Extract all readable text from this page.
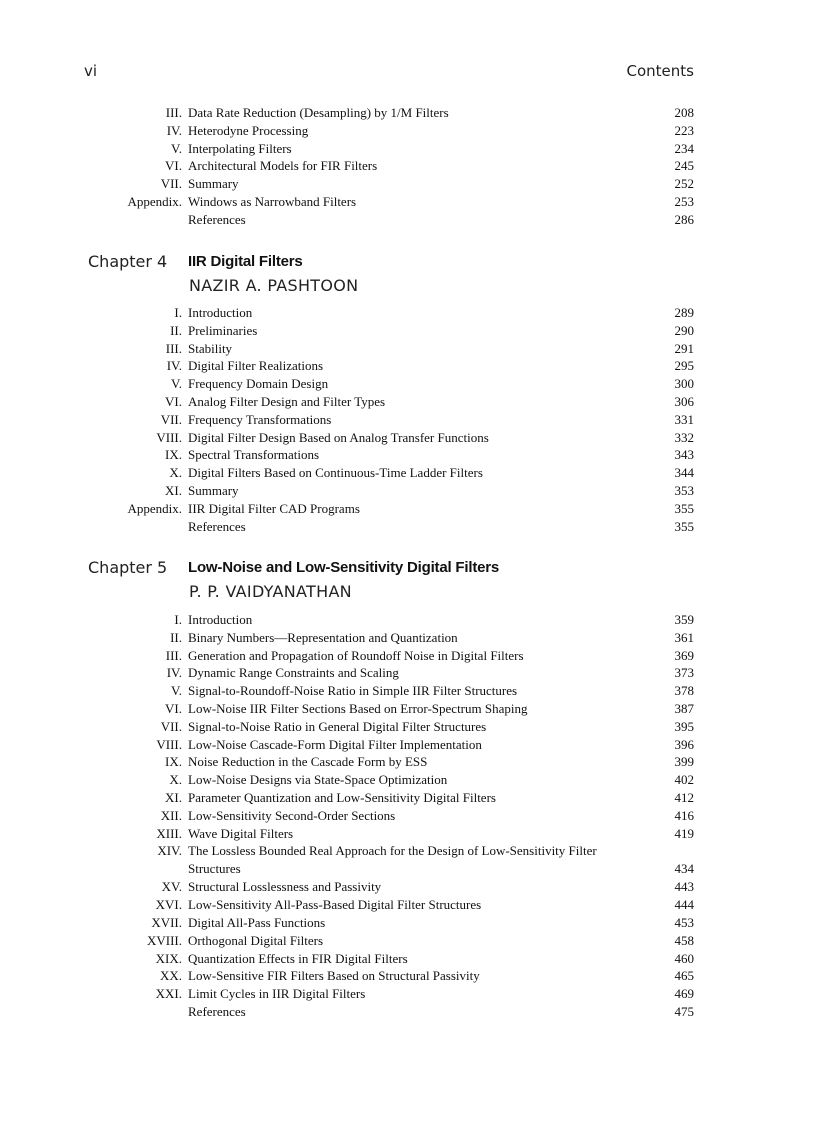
vi	Contents
III. Data Rate Reduction (Desampling) by 1/M Filters	208
IV. Heterodyne Processing	223
V. Interpolating Filters	234
VI. Architectural Models for FIR Filters	245
VII. Summary	252
Appendix. Windows as Narrowband Filters	253
References	286
Chapter 4 IIR Digital Filters
NAZIR A. PASHTOON
I. Introduction	289
II. Preliminaries	290
III. Stability	291
IV. Digital Filter Realizations	295
V. Frequency Domain Design	300
VI. Analog Filter Design and Filter Types	306
VII. Frequency Transformations	331
VIII. Digital Filter Design Based on Analog Transfer Functions	332
IX. Spectral Transformations	343
X. Digital Filters Based on Continuous-Time Ladder Filters	344
XI. Summary	353
Appendix. IIR Digital Filter CAD Programs	355
References	355
Chapter 5 Low-Noise and Low-Sensitivity Digital Filters
P. P. VAIDYANATHAN
I. Introduction	359
II. Binary Numbers—Representation and Quantization	361
III. Generation and Propagation of Roundoff Noise in Digital Filters	369
IV. Dynamic Range Constraints and Scaling	373
V. Signal-to-Roundoff-Noise Ratio in Simple IIR Filter Structures	378
VI. Low-Noise IIR Filter Sections Based on Error-Spectrum Shaping	387
VII. Signal-to-Noise Ratio in General Digital Filter Structures	395
VIII. Low-Noise Cascade-Form Digital Filter Implementation	396
IX. Noise Reduction in the Cascade Form by ESS	399
X. Low-Noise Designs via State-Space Optimization	402
XI. Parameter Quantization and Low-Sensitivity Digital Filters	412
XII. Low-Sensitivity Second-Order Sections	416
XIII. Wave Digital Filters	419
XIV. The Lossless Bounded Real Approach for the Design of Low-Sensitivity Filter Structures	434
XV. Structural Losslessness and Passivity	443
XVI. Low-Sensitivity All-Pass-Based Digital Filter Structures	444
XVII. Digital All-Pass Functions	453
XVIII. Orthogonal Digital Filters	458
XIX. Quantization Effects in FIR Digital Filters	460
XX. Low-Sensitive FIR Filters Based on Structural Passivity	465
XXI. Limit Cycles in IIR Digital Filters	469
References	475
